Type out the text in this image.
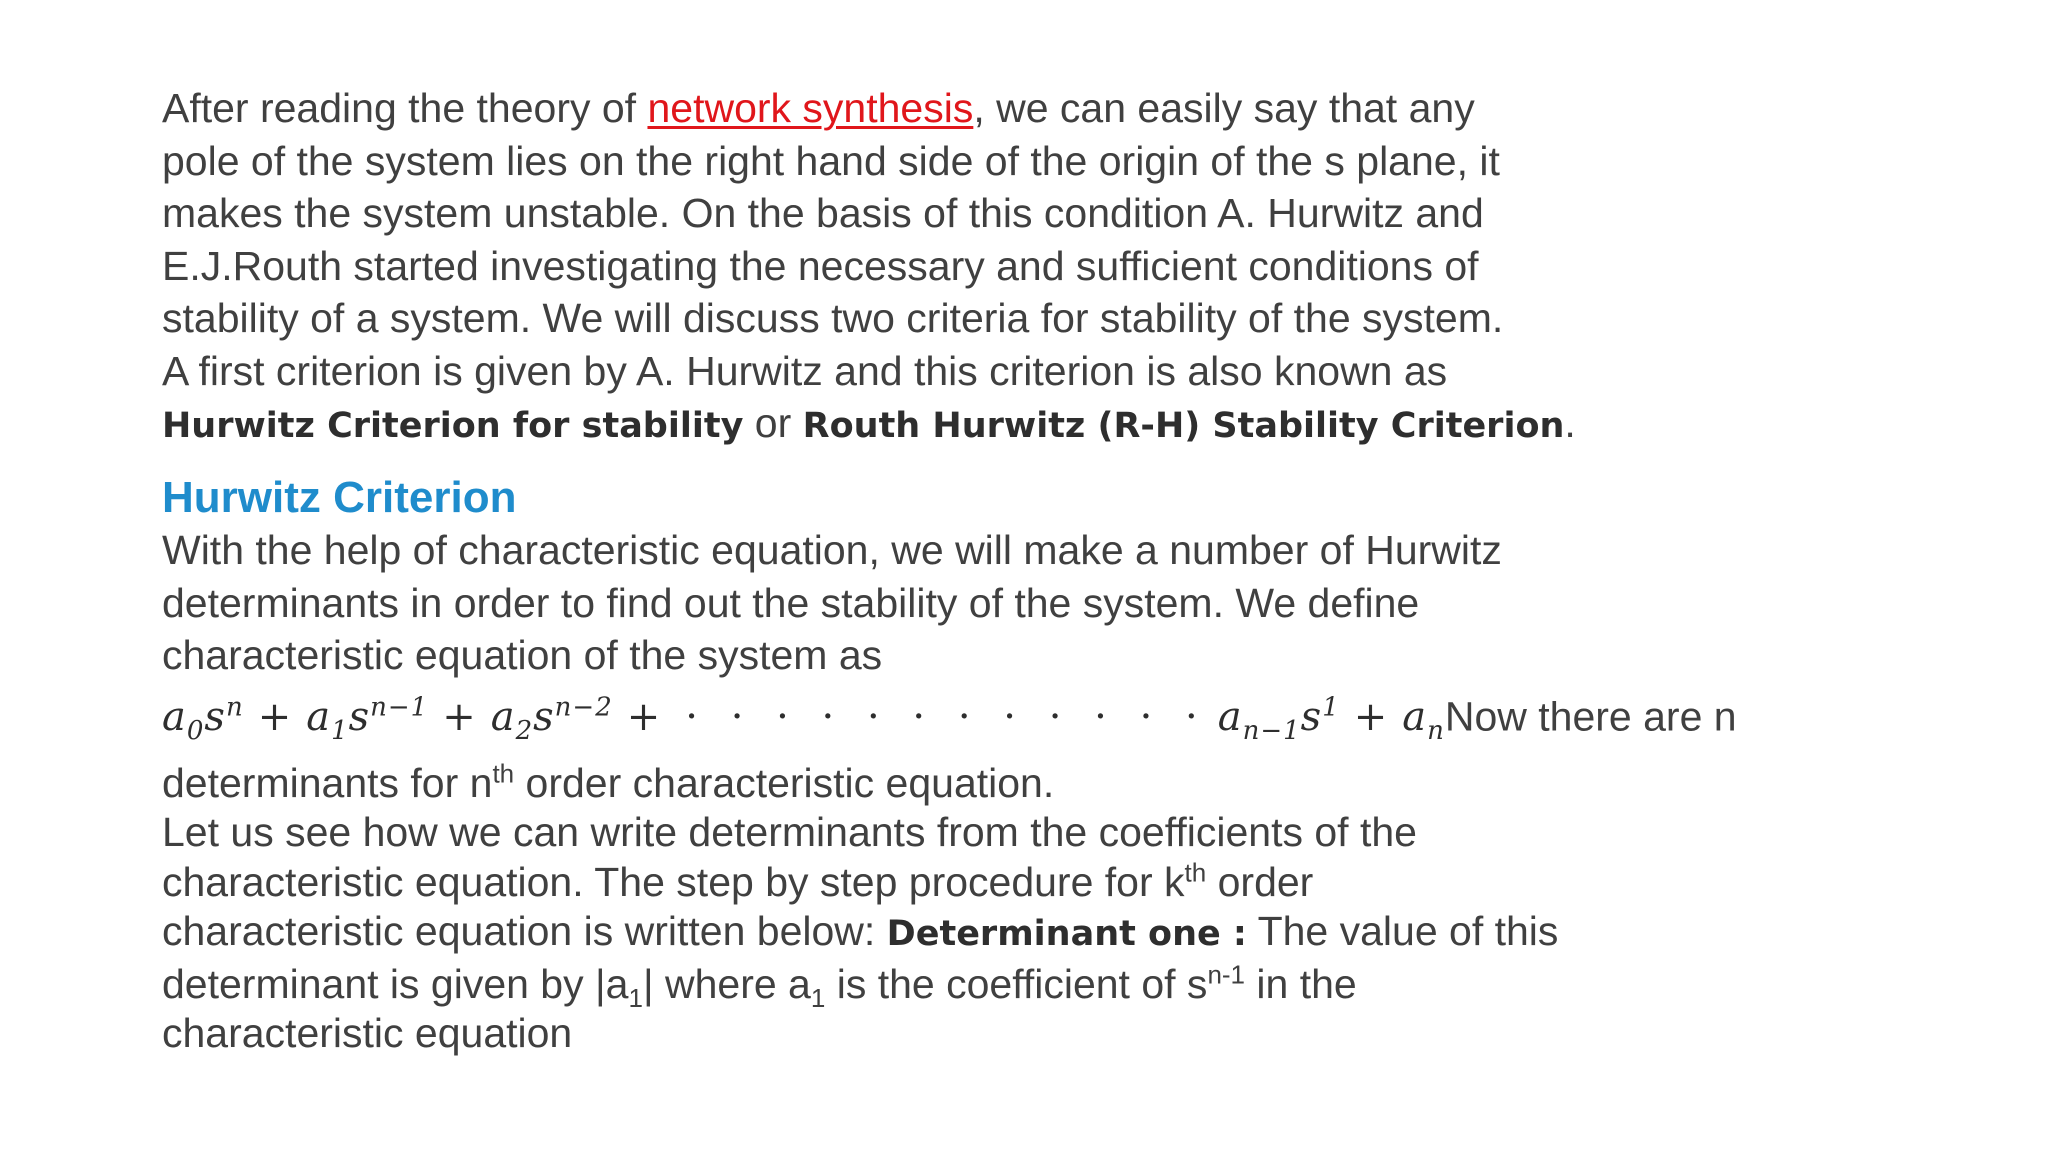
After reading the theory of network synthesis, we can easily say that any
pole of the system lies on the right hand side of the origin of the s plane, it
makes the system unstable. On the basis of this condition A. Hurwitz and
E.J.Routh started investigating the necessary and sufficient conditions of
stability of a system. We will discuss two criteria for stability of the system.
A first criterion is given by A. Hurwitz and this criterion is also known as
Hurwitz Criterion for stability or Routh Hurwitz (R-H) Stability Criterion.

Hurwitz Criterion

With the help of characteristic equation, we will make a number of Hurwitz
determinants in order to find out the stability of the system. We define
characteristic equation of the system as
$a_0s^n + a_1s^{n-1} + a_2s^{n-2}$ + · · · · · · · · · · · · $a_{n-1}s^1 + a_nNow$ there are n
determinants for $n^{th}$ order characteristic equation.

Let us see how we can write determinants from the coefficients of the
characteristic equation. The step by step procedure for $k^{th}$ order
characteristic equation is written below: Determinant one : The value of this
determinant is given by $|a_1|$ where $a_1$ is the coefficient of $s^{n-1}$ in the
characteristic equation
